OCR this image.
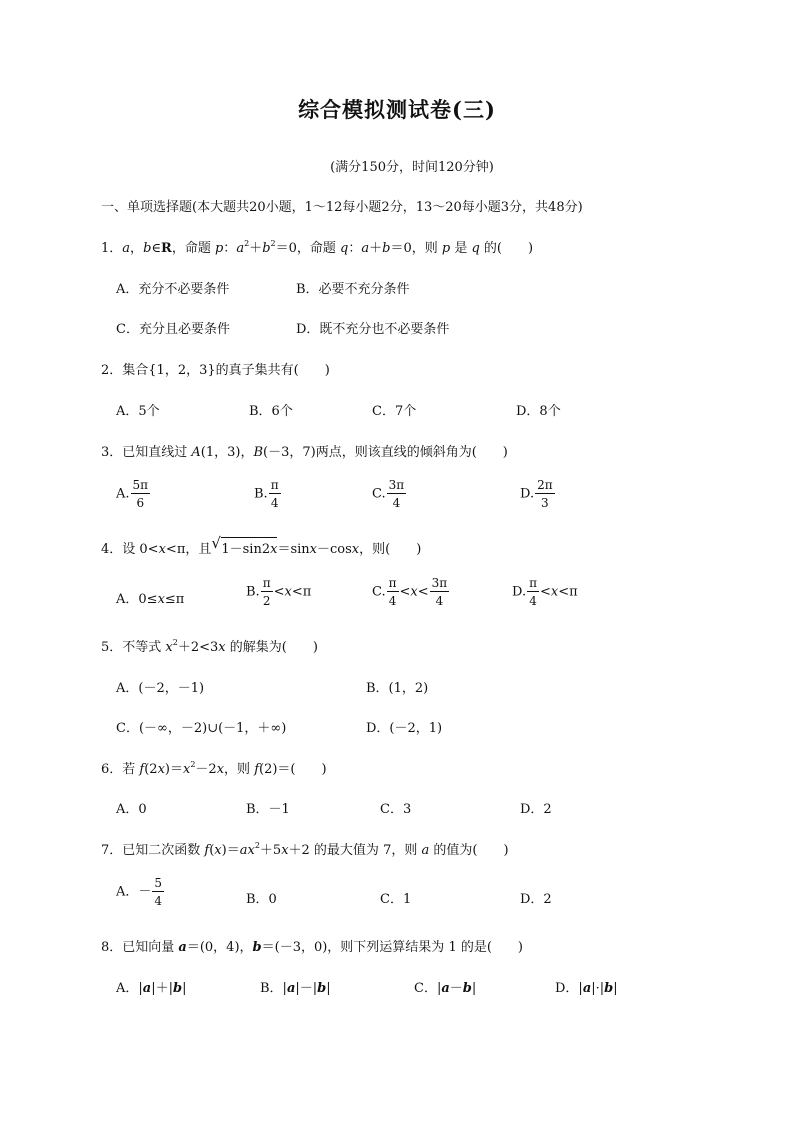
综合模拟测试卷(三)
(满分150分，时间120分钟)
一、单项选择题(本大题共20小题，1～12每小题2分，13～20每小题3分，共48分)
1．a，b∈R，命题 p：$a^2+b^2=0$，命题 q：a＋b＝0，则 p 是 q 的(　　)
A．充分不必要条件	B．必要不充分条件
C．充分且必要条件	D．既不充分也不必要条件
2．集合{1，2，3}的真子集共有(　　)
A．5个	B．6个	C．7个	D．8个
3．已知直线过 A(1，3)，B(－3，7)两点，则该直线的倾斜角为(　　)
A. $\frac{5\pi}{6}$	B. $\frac{\pi}{4}$	C. $\frac{3\pi}{4}$	D. $\frac{2\pi}{3}$
4．设 0<x<π，且 √ 1－sin2x＝sinx－cosx，则(　　)
A．0≤x≤π	B. $\frac{\pi}{2} <x<\pi$	C. $\frac{\pi}{4} <x< \frac{3\pi}{4}$	D. $\frac{\pi}{4} <x<\pi$
5．不等式 $x^2+2<3x$ 的解集为(　　)
A．(－2，－1)	B．(1，2)
C．(－∞，－2)∪(－1，＋∞)	D．(－2，1)
6．若 $f(2x)=x^2-2x$，则 f(2)＝(　　)
A．0	B．－1	C．3	D．2
7．已知二次函数 $f(x)=ax^2+5x+2$ 的最大值为 7，则 a 的值为(　　)
A．－ $\frac{5}{4}$	B．0	C．1	D．2
8．已知向量 a＝(0，4)，b＝(－3，0)，则下列运算结果为 1 的是(　　)
A．|a|＋|b|	B．|a|－|b|	C．|a－b|	D．|a|·|b|
